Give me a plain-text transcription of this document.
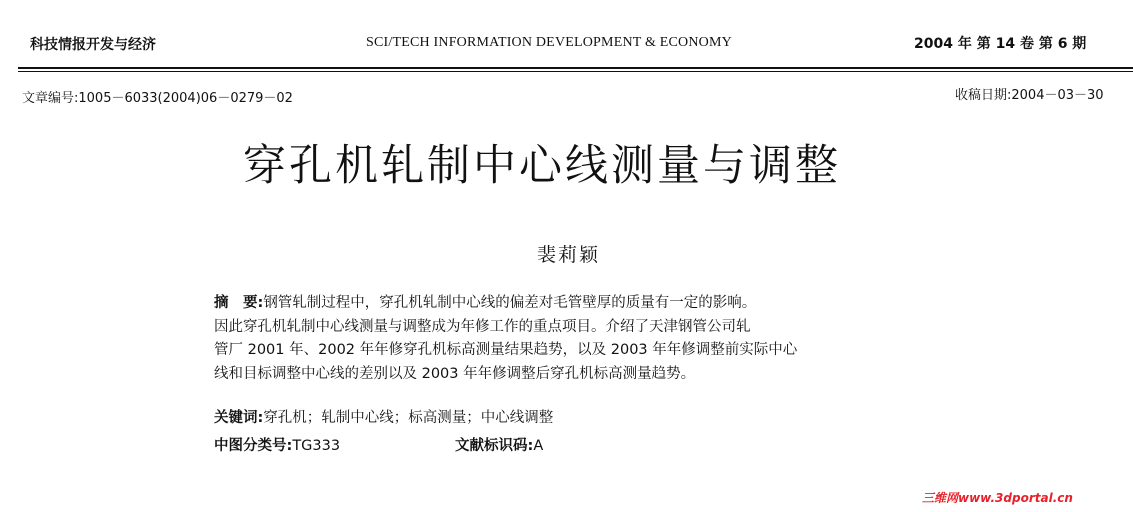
科技情报开发与经济	SCI/TECH INFORMATION DEVELOPMENT & ECONOMY	2004 年 第 14 卷 第 6 期
文章编号:1005－6033(2004)06－0279－02	收稿日期:2004－03－30
穿孔机轧制中心线测量与调整
裴莉颖
摘　要:钢管轧制过程中，穿孔机轧制中心线的偏差对毛管壁厚的质量有一定的影响。
因此穿孔机轧制中心线测量与调整成为年修工作的重点项目。介绍了天津钢管公司轧
管厂 2001 年、2002 年年修穿孔机标高测量结果趋势，以及 2003 年年修调整前实际中心
线和目标调整中心线的差别以及 2003 年年修调整后穿孔机标高测量趋势。
关键词:穿孔机；轧制中心线；标高测量；中心线调整
中图分类号:TG333	文献标识码:A
三维网www.3dportal.cn
